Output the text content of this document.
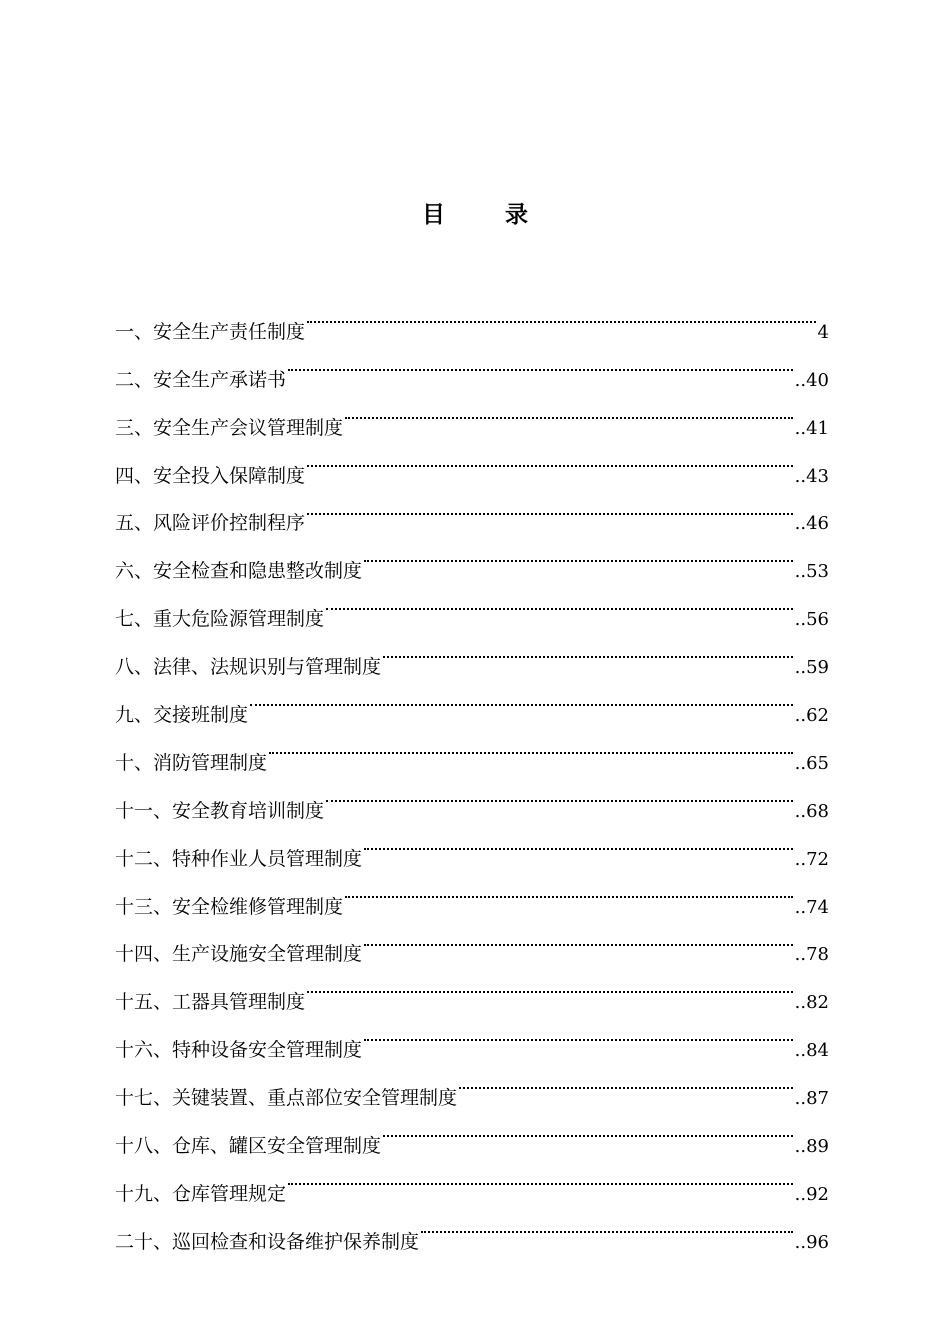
目	录
一、安全生产责任制度	4
二、安全生产承诺书	..40
三、安全生产会议管理制度	..41
四、安全投入保障制度	..43
五、风险评价控制程序	..46
六、安全检查和隐患整改制度	..53
七、重大危险源管理制度	..56
八、法律、法规识别与管理制度	..59
九、交接班制度	..62
十、消防管理制度	..65
十一、安全教育培训制度	..68
十二、特种作业人员管理制度	..72
十三、安全检维修管理制度	..74
十四、生产设施安全管理制度	..78
十五、工器具管理制度	..82
十六、特种设备安全管理制度	..84
十七、关键装置、重点部位安全管理制度	..87
十八、仓库、罐区安全管理制度	..89
十九、仓库管理规定	..92
二十、巡回检查和设备维护保养制度	..96
